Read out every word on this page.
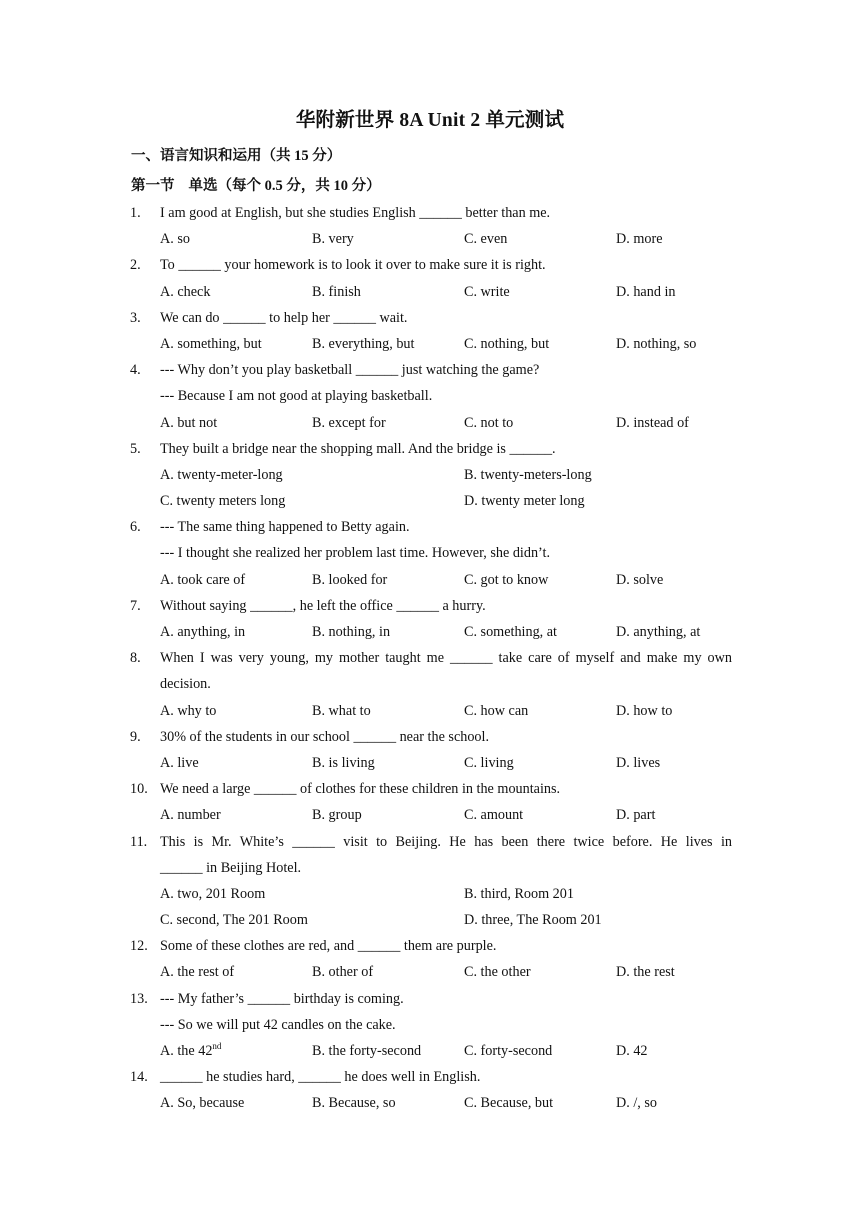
华附新世界 8A Unit 2 单元测试
一、语言知识和运用（共 15 分）
第一节 单选（每个 0.5 分，共 10 分）
1. I am good at English, but she studies English ______ better than me.
A. so	B. very	C. even	D. more
2. To ______ your homework is to look it over to make sure it is right.
A. check	B. finish	C. write	D. hand in
3. We can do ______ to help her ______ wait.
A. something, but	B. everything, but	C. nothing, but	D. nothing, so
4. --- Why don’t you play basketball ______ just watching the game?
--- Because I am not good at playing basketball.
A. but not	B. except for	C. not to	D. instead of
5. They built a bridge near the shopping mall. And the bridge is ______.
A. twenty-meter-long	B. twenty-meters-long
C. twenty meters long	D. twenty meter long
6. --- The same thing happened to Betty again.
--- I thought she realized her problem last time. However, she didn’t.
A. took care of	B. looked for	C. got to know	D. solve
7. Without saying ______, he left the office ______ a hurry.
A. anything, in	B. nothing, in	C. something, at	D. anything, at
8. When I was very young, my mother taught me ______ take care of myself and make my own
decision.
A. why to	B. what to	C. how can	D. how to
9. 30% of the students in our school ______ near the school.
A. live	B. is living	C. living	D. lives
10. We need a large ______ of clothes for these children in the mountains.
A. number	B. group	C. amount	D. part
11. This is Mr. White’s ______ visit to Beijing. He has been there twice before. He lives in
______ in Beijing Hotel.
A. two, 201 Room	B. third, Room 201
C. second, The 201 Room	D. three, The Room 201
12. Some of these clothes are red, and ______ them are purple.
A. the rest of	B. other of	C. the other	D. the rest
13. --- My father’s ______ birthday is coming.
--- So we will put 42 candles on the cake.
A. the 42nd	B. the forty-second	C. forty-second	D. 42
14. ______ he studies hard, ______ he does well in English.
A. So, because	B. Because, so	C. Because, but	D. /, so
